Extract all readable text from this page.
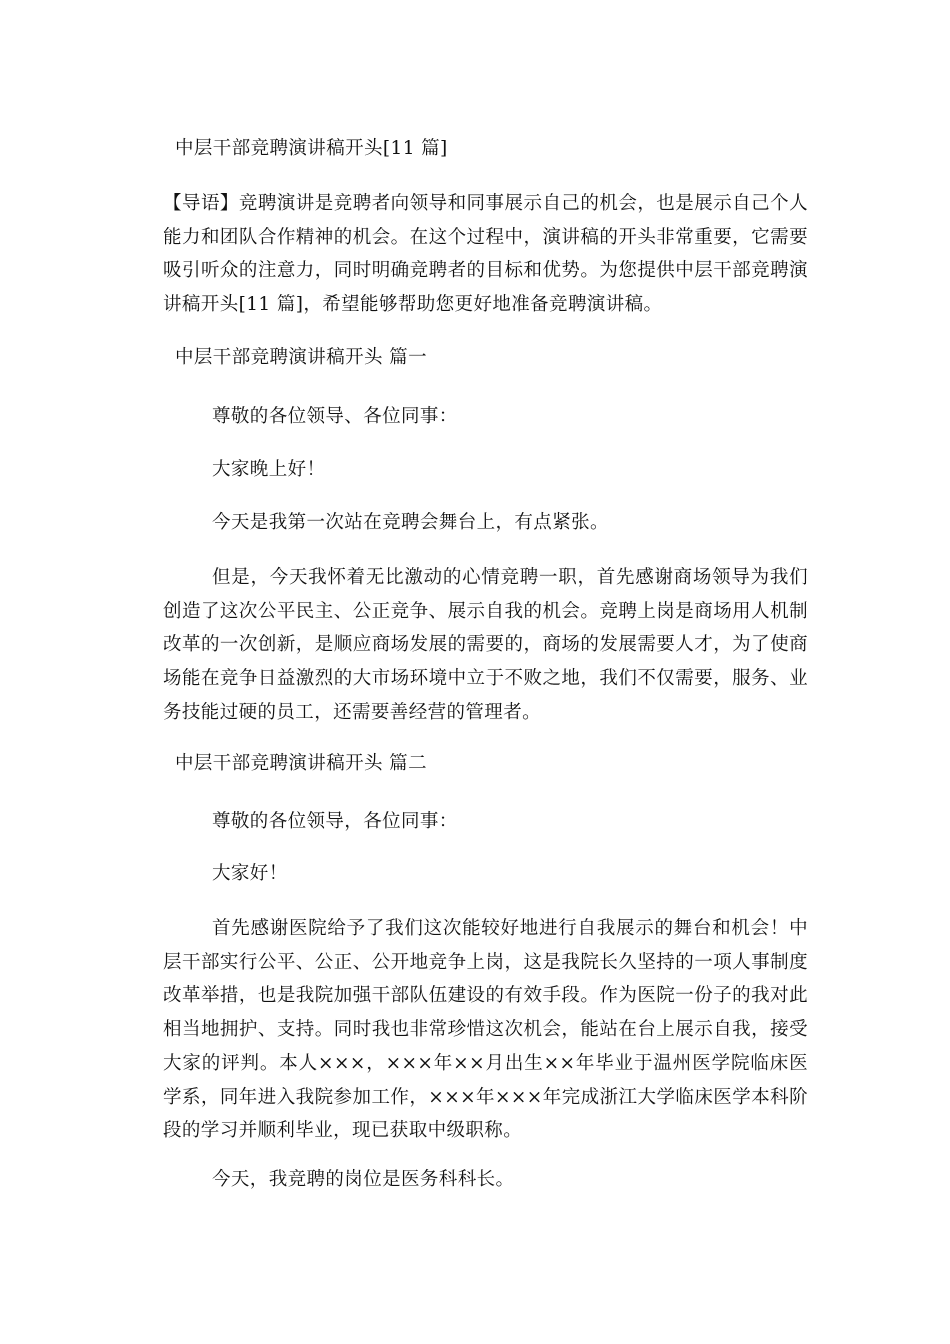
中层干部竞聘演讲稿开头[11 篇]
【导语】竞聘演讲是竞聘者向领导和同事展示自己的机会，也是展示自己个人能力和团队合作精神的机会。在这个过程中，演讲稿的开头非常重要，它需要吸引听众的注意力，同时明确竞聘者的目标和优势。为您提供中层干部竞聘演讲稿开头[11 篇]，希望能够帮助您更好地准备竞聘演讲稿。
中层干部竞聘演讲稿开头 篇一
尊敬的各位领导、各位同事：
大家晚上好！
今天是我第一次站在竞聘会舞台上，有点紧张。
但是，今天我怀着无比激动的心情竞聘一职，首先感谢商场领导为我们创造了这次公平民主、公正竞争、展示自我的机会。竞聘上岗是商场用人机制改革的一次创新，是顺应商场发展的需要的，商场的发展需要人才，为了使商场能在竞争日益激烈的大市场环境中立于不败之地，我们不仅需要，服务、业务技能过硬的员工，还需要善经营的管理者。
中层干部竞聘演讲稿开头 篇二
尊敬的各位领导，各位同事：
大家好！
首先感谢医院给予了我们这次能较好地进行自我展示的舞台和机会！中层干部实行公平、公正、公开地竞争上岗，这是我院长久坚持的一项人事制度改革举措，也是我院加强干部队伍建设的有效手段。作为医院一份子的我对此相当地拥护、支持。同时我也非常珍惜这次机会，能站在台上展示自我，接受大家的评判。本人×××，×××年××月出生××年毕业于温州医学院临床医学系，同年进入我院参加工作，×××年×××年完成浙江大学临床医学本科阶段的学习并顺利毕业，现已获取中级职称。
今天，我竞聘的岗位是医务科科长。
